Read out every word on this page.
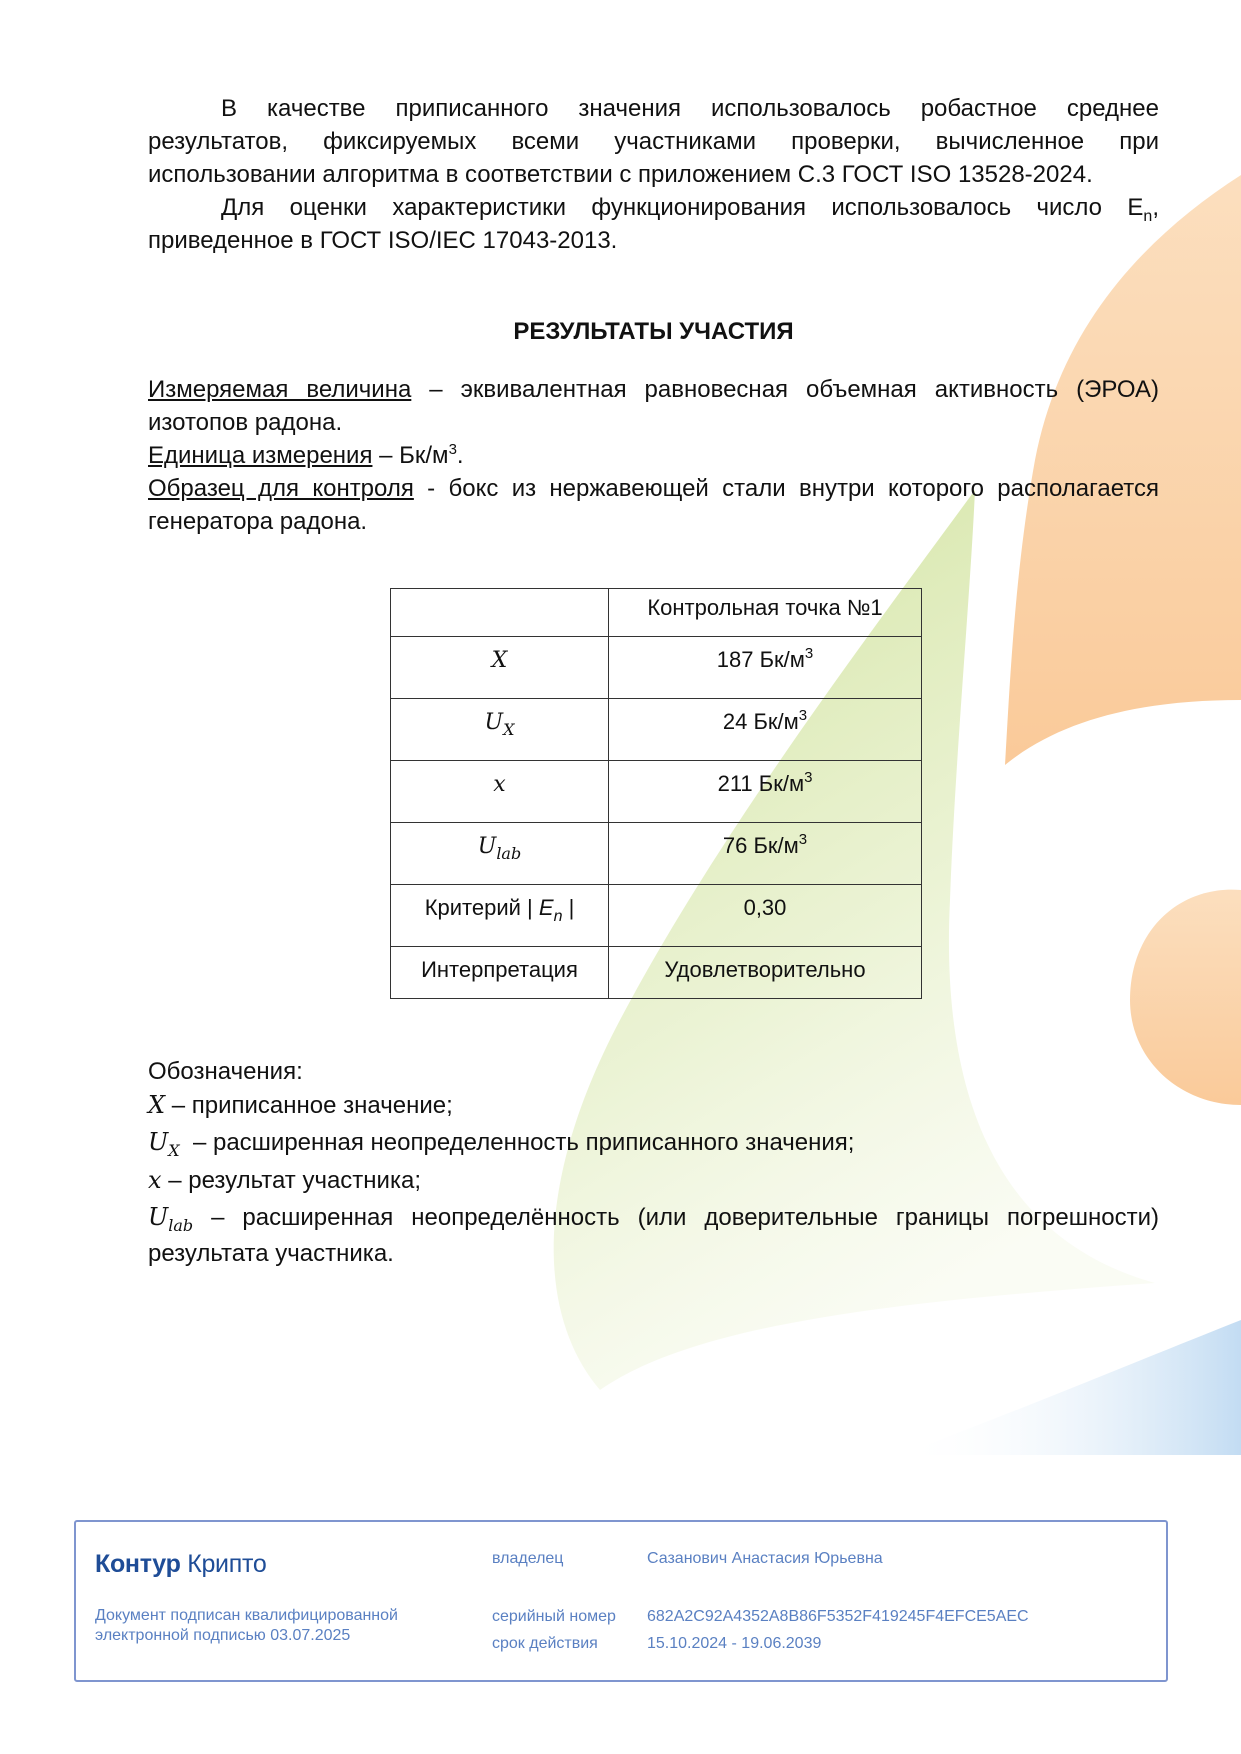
В качестве приписанного значения использовалось робастное среднее результатов, фиксируемых всеми участниками проверки, вычисленное при использовании алгоритма в соответствии с приложением С.3 ГОСТ ISO 13528-2024.

Для оценки характеристики функционирования использовалось число $E_n$, приведенное в ГОСТ ISO/IEC 17043-2013.

РЕЗУЛЬТАТЫ УЧАСТИЯ

Измеряемая величина – эквивалентная равновесная объемная активность (ЭРОА) изотопов радона.

Единица измерения – $Бк/м^3$.

Образец для контроля - бокс из нержавеющей стали внутри которого располагается генератора радона.

	Контрольная точка №1
X	187 $Бк/м^3$
$U_X$	24 $Бк/м^3$
x	211 $Бк/м^3$
$U_{lab}$	76 $Бк/м^3$
Критерий | $E_n$ |	0,30
Интерпретация	Удовлетворительно

Обозначения:

X – приписанное значение;

$U_X$  – расширенная неопределенность приписанного значения;

x – результат участника;

$U_{lab}$ – расширенная неопределённость (или доверительные границы погрешности) результата участника.

Контур Крипто
Документ подписан квалифицированной электронной подписью 03.07.2025
владелец	Сазанович Анастасия Юрьевна
серийный номер 682A2C92A4352A8B86F5352F419245F4EFCE5AEC
срок действия	15.10.2024 - 19.06.2039
